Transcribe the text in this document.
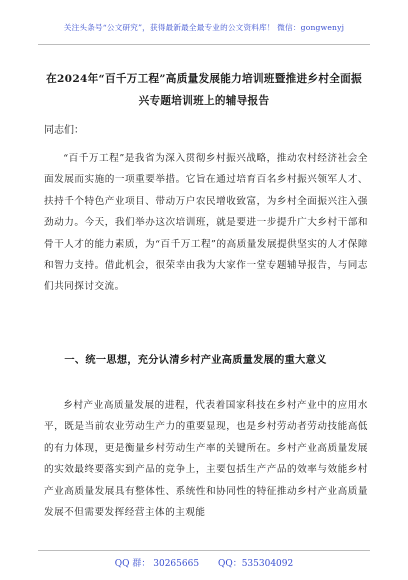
关注头条号“公文研究”，获得最新最全最专业的公文资料库！ 微信：gongwenyj
在2024年“百千万工程”高质量发展能力培训班暨推进乡村全面振兴专题培训班上的辅导报告
同志们：
“百千万工程”是我省为深入贯彻乡村振兴战略，推动农村经济社会全面发展而实施的一项重要举措。它旨在通过培育百名乡村振兴领军人才、扶持千个特色产业项目、带动万户农民增收致富，为乡村全面振兴注入强劲动力。今天，我们举办这次培训班，就是要进一步提升广大乡村干部和骨干人才的能力素质，为“百千万工程”的高质量发展提供坚实的人才保障和智力支持。借此机会，很荣幸由我为大家作一堂专题辅导报告，与同志们共同探讨交流。
一、统一思想，充分认清乡村产业高质量发展的重大意义
乡村产业高质量发展的进程，代表着国家科技在乡村产业中的应用水平，既是当前农业劳动生产力的重要显现，也是乡村劳动者劳动技能高低的有力体现，更是衡量乡村劳动生产率的关键所在。乡村产业高质量发展的实效最终要落实到产品的竞争上，主要包括生产产品的效率与效能乡村产业高质量发展具有整体性、系统性和协同性的特征推动乡村产业高质量发展不但需要发挥经营主体的主观能
QQ 群： 30265665 QQ：535304092
